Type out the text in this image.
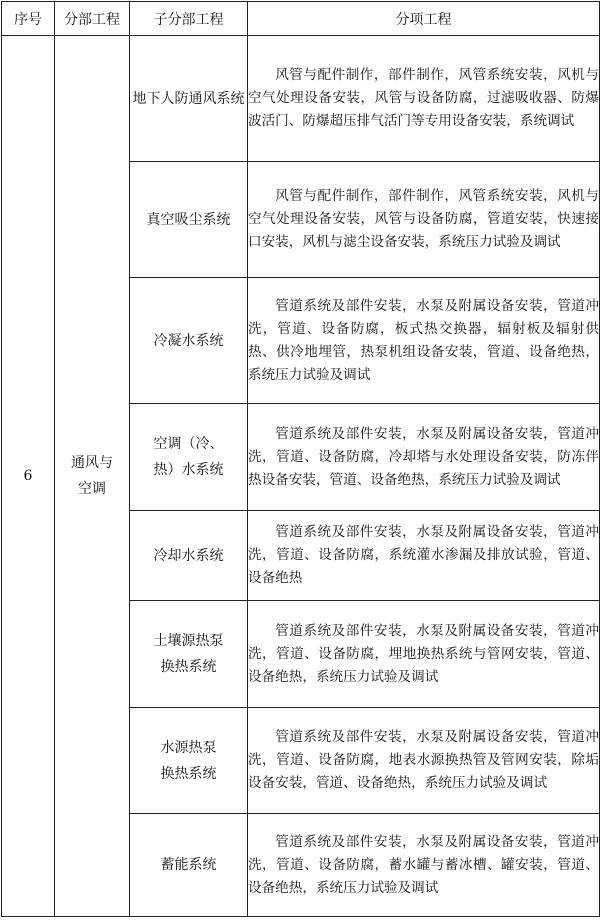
序号	分部工程	子分部工程	分项工程
6	通风与空调	地下人防通风系统	风管与配件制作，部件制作，风管系统安装，风机与空气处理设备安装，风管与设备防腐，过滤吸收器、防爆波活门、防爆超压排气活门等专用设备安装，系统调试

		真空吸尘系统	风管与配件制作，部件制作，风管系统安装，风机与空气处理设备安装，风管与设备防腐，管道安装，快速接口安装，风机与滤尘设备安装，系统压力试验及调试

		冷凝水系统	管道系统及部件安装，水泵及附属设备安装，管道冲洗，管道、设备防腐，板式热交换器，辐射板及辐射供热、供冷地埋管，热泵机组设备安装，管道、设备绝热，系统压力试验及调试

		空调（冷、热）水系统	管道系统及部件安装，水泵及附属设备安装，管道冲洗，管道、设备防腐，冷却塔与水处理设备安装，防冻伴热设备安装，管道、设备绝热，系统压力试验及调试

		冷却水系统	管道系统及部件安装，水泵及附属设备安装，管道冲洗，管道、设备防腐，系统灌水渗漏及排放试验，管道、设备绝热

		土壤源热泵换热系统	管道系统及部件安装，水泵及附属设备安装，管道冲洗，管道、设备防腐，埋地换热系统与管网安装，管道、设备绝热，系统压力试验及调试

		水源热泵换热系统	管道系统及部件安装，水泵及附属设备安装，管道冲洗，管道、设备防腐，地表水源换热管及管网安装，除垢设备安装，管道、设备绝热，系统压力试验及调试

		蓄能系统	管道系统及部件安装，水泵及附属设备安装，管道冲洗，管道、设备防腐，蓄水罐与蓄冰槽、罐安装，管道、设备绝热，系统压力试验及调试
